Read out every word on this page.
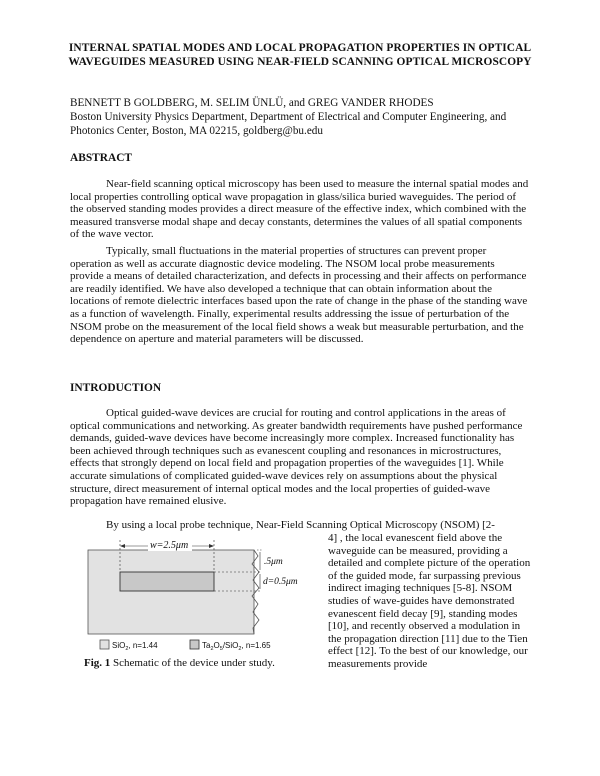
INTERNAL SPATIAL MODES AND LOCAL PROPAGATION PROPERTIES IN OPTICAL WAVEGUIDES MEASURED USING NEAR-FIELD SCANNING OPTICAL MICROSCOPY
BENNETT B GOLDBERG, M. SELIM ÜNLÜ, and GREG VANDER RHODES
Boston University Physics Department, Department of Electrical and Computer Engineering, and Photonics Center, Boston, MA 02215, goldberg@bu.edu
ABSTRACT
Near-field scanning optical microscopy has been used to measure the internal spatial modes and local properties controlling optical wave propagation in glass/silica buried waveguides. The period of the observed standing modes provides a direct measure of the effective index, which combined with the measured transverse modal shape and decay constants, determines the values of all spatial components of the wave vector.
Typically, small fluctuations in the material properties of structures can prevent proper operation as well as accurate diagnostic device modeling. The NSOM local probe measurements provide a means of detailed characterization, and defects in processing and their affects on performance are readily identified. We have also developed a technique that can obtain information about the locations of remote dielectric interfaces based upon the rate of change in the phase of the standing wave as a function of wavelength. Finally, experimental results addressing the issue of perturbation of the NSOM probe on the measurement of the local field shows a weak but measurable perturbation, and the dependence on aperture and material parameters will be discussed.
INTRODUCTION
Optical guided-wave devices are crucial for routing and control applications in the areas of optical communications and networking. As greater bandwidth requirements have pushed performance demands, guided-wave devices have become increasingly more complex. Increased functionality has been achieved through techniques such as evanescent coupling and resonances in microstructures, effects that strongly depend on local field and propagation properties of the waveguides [1]. While accurate simulations of complicated guided-wave devices rely on assumptions about the physical structure, direct measurement of internal optical modes and the local properties of guided-wave propagation have remained elusive.
By using a local probe technique, Near-Field Scanning Optical Microscopy (NSOM) [2-
4] , the local evanescent field above the waveguide can be measured, providing a detailed and complete picture of the operation of the guided mode, far surpassing previous indirect imaging techniques [5-8]. NSOM studies of wave-guides have demonstrated evanescent field decay [9], standing modes [10], and recently observed a modulation in the propagation direction [11] due to the Tien effect [12]. To the best of our knowledge, our measurements provide
w=2.5μm
.5μm
d=0.5μm
SiO$_2$, n=1.44	$Ta_2O_5/SiO_2$, n=1.65
Fig. 1 Schematic of the device under study.
